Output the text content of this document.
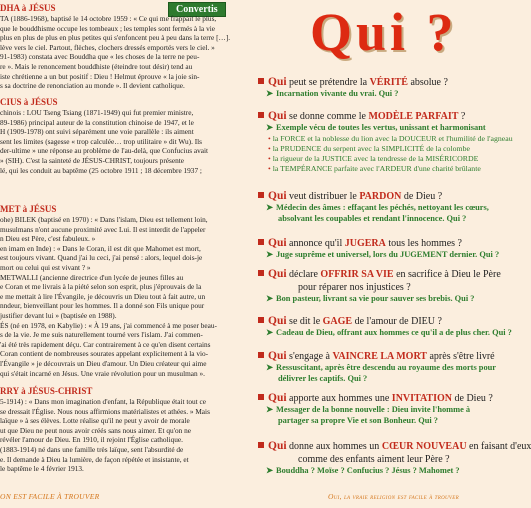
Convertis
DHA à JÉSUS
TA (1886-1968), baptisé le 14 octobre 1959 : « Ce qui me frappait le plus,
que le bouddhisme occupe les tombeaux ; les temples sont fermés à la vie
plus en plus de plus en plus petites qui s'enfoncent peu à peu dans la terre […].
lève vers le ciel. Partout, flèches, clochers dressés emportés vers le ciel. »
91-1983) constata avec Bouddha que « les choses de la terre ne peu-
re ». Mais le renoncement bouddhiste (éteindre tout désir) tend au
iste chrétienne a un but positif : Dieu ! Helmut éprouve « la joie sin-
s sa doctrine de renonciation au monde ». Il devient catholique.
CIUS à JÉSUS
chinois : LOU Tseng Tsiang (1871-1949) qui fut premier ministre,
89-1986) principal auteur de la constitution chinoise de 1947, et le
H (1909-1978) ont suivi séparément une voie parallèle : ils aiment
sent les limites (sagesse « trop calculée… trop utilitaire » dit Wu). Ils
der-ultime » une réponse au problème de l'au-delà, que Confucius avait
» (SIH). C'est la sainteté de JÉSUS-CHRIST, toujours présente
lé, qui les conduit au baptême (25 octobre 1911 ; 18 décembre 1937 ;
MET à JÉSUS
ohe) BILEK (baptisé en 1970) : « Dans l'islam, Dieu est tellement loin,
musulmans n'ont aucune proximité avec Lui. Il est interdit de l'appeler
n Dieu est Père, c'est fabuleux. »
en imam en Inde) : « Dans le Coran, il est dit que Mahomet est mort,
est toujours vivant. Quand j'ai lu ceci, j'ai pensé : alors, lequel dois-je
mort ou celui qui est vivant ? »
METWALLI (ancienne directrice d'un lycée de jeunes filles au
e Coran et me livrais à la piété selon son esprit, plus j'éprouvais de la
e me mettait à lire l'Évangile, je découvris un Dieu tout à fait autre, un
nndeur, bienveillant pour les hommes. Il a donné son Fils unique pour
justifier devant lui » (baptisée en 1988).
ÉS (né en 1978, en Kabylie) : « À 19 ans, j'ai commencé à me poser beau-
s de la vie. Je me suis naturellement tourné vers l'islam. J'ai commen-
'ai été très rapidement déçu. Car contrairement à ce qu'en disent certains
Coran contient de nombreuses sourates appelant explicitement à la vio-
l'Évangile » je découvrais un Dieu d'amour. Un Dieu créateur qui aime
qui s'était incarné en Jésus. Une vraie révolution pour un musulman ».
RRY à JÉSUS-CHRIST
5-1914) : « Dans mon imagination d'enfant, la République était tout ce
se dressait l'Église. Nous nous affirmions matérialistes et athées. » Mais
laïque » à ses élèves. Lotte réalise qu'il ne peut y avoir de morale
ut que Dieu ne peut nous avoir créés sans nous aimer. Et qu'on ne
révéler l'amour de Dieu. En 1910, il rejoint l'Église catholique.
(1883-1914) né dans une famille très laïque, sent l'absurdité de
e. Il demande à Dieu la lumière, de façon répétée et insistante, et
le baptême le 4 février 1913.
ON EST FACILE À TROUVER
Qui ?
Qui peut se prétendre la VÉRITÉ absolue ?
➤ Incarnation vivante du vrai. Qui ?
Qui se donne comme le MODÈLE PARFAIT ?
➤ Exemple vécu de toutes les vertus, unissant et harmonisant
• la FORCE et la noblesse du lion avec la DOUCEUR et l'humilité de l'agneau
• la PRUDENCE du serpent avec la SIMPLICITÉ de la colombe
• la rigueur de la JUSTICE avec la tendresse de la MISÉRICORDE
• la TEMPÉRANCE parfaite avec l'ARDEUR d'une charité brûlante
Qui veut distribuer le PARDON de Dieu ?
➤ Médecin des âmes : effaçant les péchés, nettoyant les cœurs,
absolvant les coupables et rendant l'innocence. Qui ?
Qui annonce qu'il JUGERA tous les hommes ?
➤ Juge suprême et universel, lors du JUGEMENT dernier. Qui ?
Qui déclare OFFRIR SA VIE en sacrifice à Dieu le Père
pour réparer nos injustices ?
➤ Bon pasteur, livrant sa vie pour sauver ses brebis. Qui ?
Qui se dit le GAGE de l'amour de DIEU ?
➤ Cadeau de Dieu, offrant aux hommes ce qu'il a de plus cher. Qui ?
Qui s'engage à VAINCRE LA MORT après s'être livré
➤ Ressuscitant, après être descendu au royaume des morts pour
délivrer les captifs. Qui ?
Qui apporte aux hommes une INVITATION de Dieu ?
➤ Messager de la bonne nouvelle : Dieu invite l'homme à
partager sa propre Vie et son Bonheur. Qui ?
Qui donne aux hommes un CŒUR NOUVEAU en faisant d'eux
comme des enfants aiment leur Père ?
➤ Bouddha ? Moïse ? Confucius ? Jésus ? Mahomet ?
Oui, la vraie religion est facile à trouver
